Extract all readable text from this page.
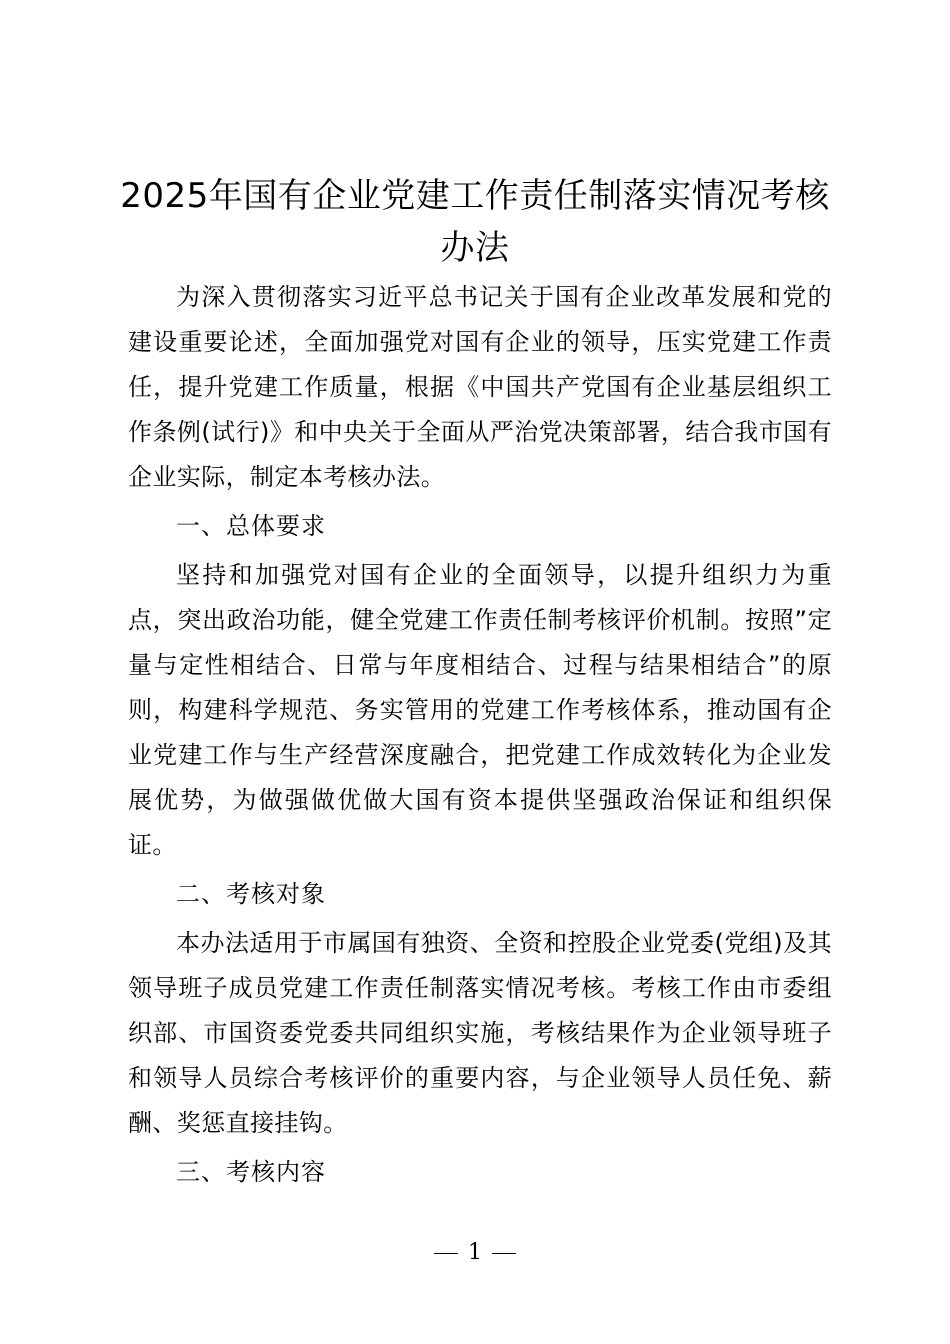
2025年国有企业党建工作责任制落实情况考核办法

为深入贯彻落实习近平总书记关于国有企业改革发展和党的建设重要论述，全面加强党对国有企业的领导，压实党建工作责任，提升党建工作质量，根据《中国共产党国有企业基层组织工作条例(试行)》和中央关于全面从严治党决策部署，结合我市国有企业实际，制定本考核办法。

一、总体要求

坚持和加强党对国有企业的全面领导，以提升组织力为重点，突出政治功能，健全党建工作责任制考核评价机制。按照”定量与定性相结合、日常与年度相结合、过程与结果相结合”的原则，构建科学规范、务实管用的党建工作考核体系，推动国有企业党建工作与生产经营深度融合，把党建工作成效转化为企业发展优势，为做强做优做大国有资本提供坚强政治保证和组织保证。

二、考核对象

本办法适用于市属国有独资、全资和控股企业党委(党组)及其领导班子成员党建工作责任制落实情况考核。考核工作由市委组织部、市国资委党委共同组织实施，考核结果作为企业领导班子和领导人员综合考核评价的重要内容，与企业领导人员任免、薪酬、奖惩直接挂钩。

三、考核内容

1
